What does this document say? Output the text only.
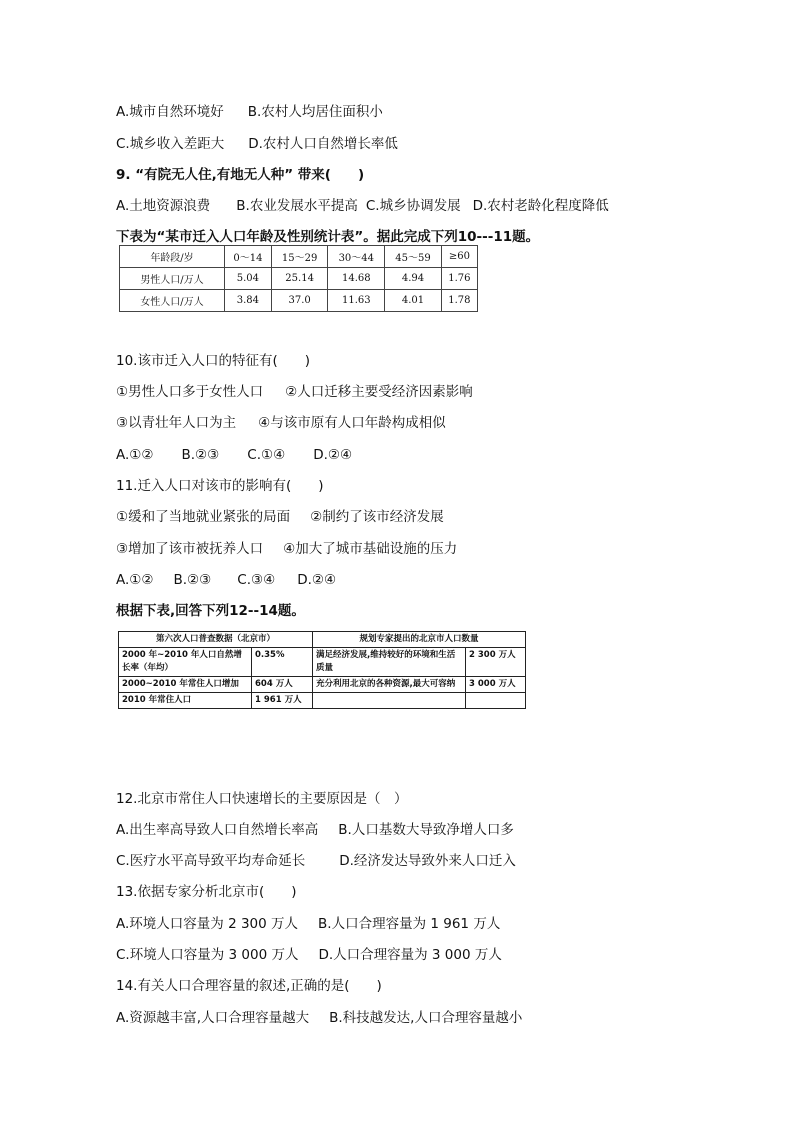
A.城市自然环境好 B.农村人均居住面积小
C.城乡收入差距大 D.农村人口自然增长率低
9. “有院无人住,有地无人种” 带来(　　)
A.土地资源浪费 B.农业发展水平提高 C.城乡协调发展 D.农村老龄化程度降低
下表为“某市迁入人口年龄及性别统计表”。据此完成下列10---11题。
年龄段/岁	0～14	15～29	30～44	45～59	≥60
男性人口/万人	5.04	25.14	14.68	4.94	1.76
女性人口/万人	3.84	37.0	11.63	4.01	1.78
10.该市迁入人口的特征有(　　)
①男性人口多于女性人口 ②人口迁移主要受经济因素影响
③以青壮年人口为主 ④与该市原有人口年龄构成相似
A.①② B.②③ C.①④ D.②④
11.迁入人口对该市的影响有(　　)
①缓和了当地就业紧张的局面 ②制约了该市经济发展
③增加了该市被抚养人口 ④加大了城市基础设施的压力
A.①② B.②③ C.③④ D.②④
根据下表,回答下列12--14题。
第六次人口普查数据（北京市）		规划专家提出的北京市人口数量	
2000 年~2010 年人口自然增长率（年均）	0.35%	满足经济发展,维持较好的环境和生活质量	2 300 万人
2000~2010 年常住人口增加	604 万人	充分利用北京的各种资源,最大可容纳	3 000 万人
2010 年常住人口	1 961 万人		
12.北京市常住人口快速增长的主要原因是（　）
A.出生率高导致人口自然增长率高 B.人口基数大导致净增人口多
C.医疗水平高导致平均寿命延长	D.经济发达导致外来人口迁入
13.依据专家分析北京市(　　)
A.环境人口容量为 2 300 万人 B.人口合理容量为 1 961 万人
C.环境人口容量为 3 000 万人 D.人口合理容量为 3 000 万人
14.有关人口合理容量的叙述,正确的是(　　)
A.资源越丰富,人口合理容量越大 B.科技越发达,人口合理容量越小
